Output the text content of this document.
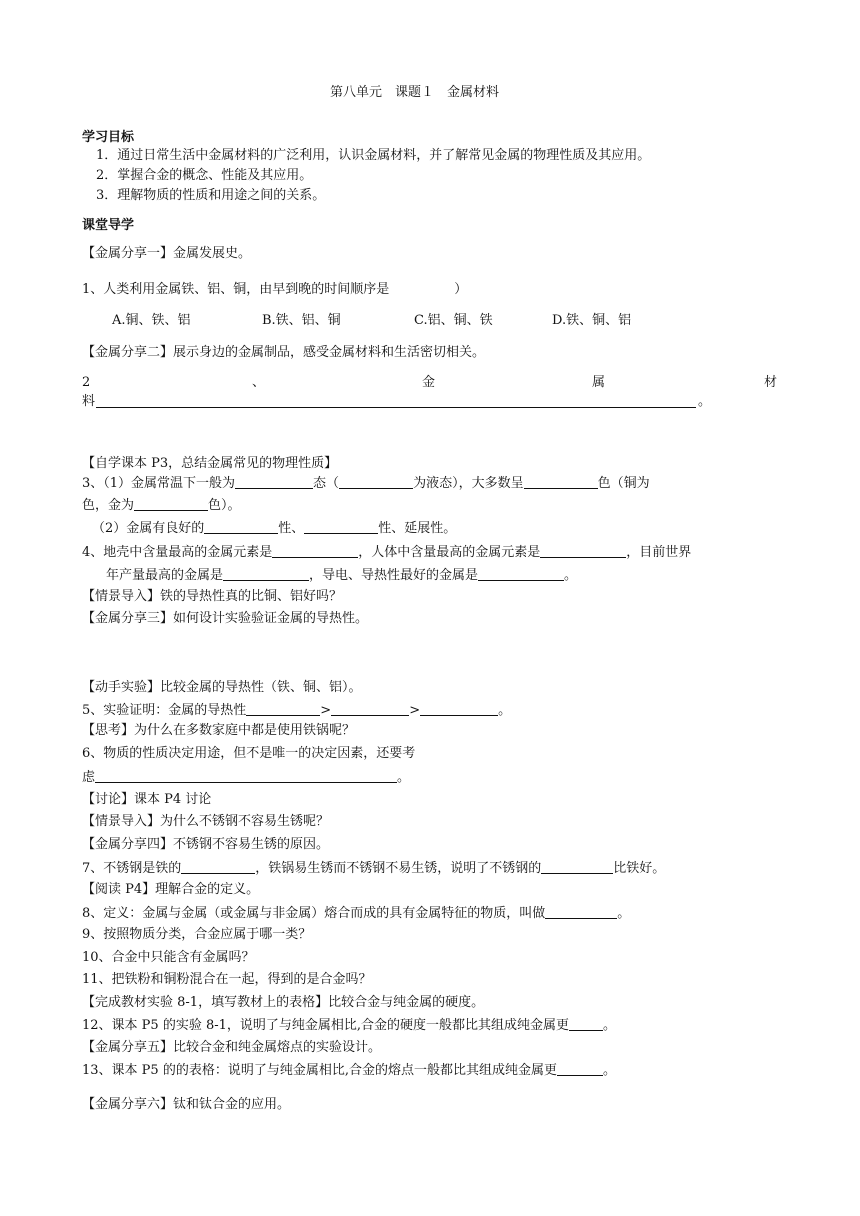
第八单元　课题１　金属材料
学习目标
1．通过日常生活中金属材料的广泛利用，认识金属材料，并了解常见金属的物理性质及其应用。
2．掌握合金的概念、性能及其应用。
3．理解物质的性质和用途之间的关系。
课堂导学
【金属分享一】金属发展史。
1、人类利用金属铁、铝、铜，由早到晚的时间顺序是　　　　　）
A.铜、铁、铝	B.铁、铝、铜	C.铝、铜、铁	D.铁、铜、铝
【金属分享二】展示身边的金属制品，感受金属材料和生活密切相关。
2	、	金	属	材
料	。
【自学课本 P3，总结金属常见的物理性质】
3、（1）金属常温下一般为	态（	为液态），大多数呈	色（铜为
色，金为	色）。
（2）金属有良好的	性、	性、延展性。
4、地壳中含量最高的金属元素是	，人体中含量最高的金属元素是	，目前世界
年产量最高的金属是	，导电、导热性最好的金属是	。
【情景导入】铁的导热性真的比铜、铝好吗？
【金属分享三】如何设计实验验证金属的导热性。
【动手实验】比较金属的导热性（铁、铜、铝）。
5、实验证明：金属的导热性	>	>	。
【思考】为什么在多数家庭中都是使用铁锅呢？
6、物质的性质决定用途，但不是唯一的决定因素，还要考
虑	。
【讨论】课本 P4 讨论
【情景导入】为什么不锈钢不容易生锈呢？
【金属分享四】不锈钢不容易生锈的原因。
7、不锈钢是铁的	，铁锅易生锈而不锈钢不易生锈，说明了不锈钢的	比铁好。
【阅读 P4】理解合金的定义。
8、定义：金属与金属（或金属与非金属）熔合而成的具有金属特征的物质，叫做	。
9、按照物质分类，合金应属于哪一类？
10、合金中只能含有金属吗？
11、把铁粉和铜粉混合在一起，得到的是合金吗？
【完成教材实验 8-1，填写教材上的表格】比较合金与纯金属的硬度。
12、课本 P5 的实验 8-1，说明了与纯金属相比,合金的硬度一般都比其组成纯金属更	。
【金属分享五】比较合金和纯金属熔点的实验设计。
13、课本 P5 的的表格：说明了与纯金属相比,合金的熔点一般都比其组成纯金属更	。
【金属分享六】钛和钛合金的应用。
